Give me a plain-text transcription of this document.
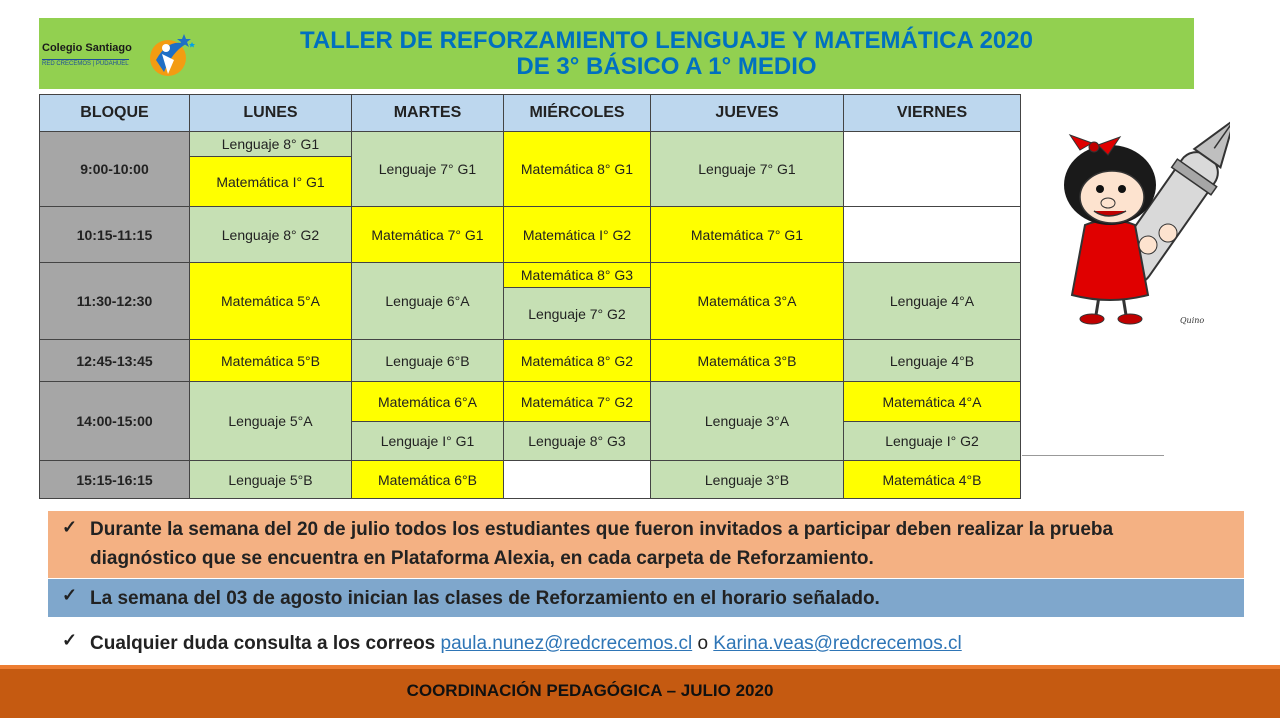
Colegio Santiago
RED CRECEMOS | PUDAHUEL
TALLER DE REFORZAMIENTO LENGUAJE Y MATEMÁTICA 2020
DE 3° BÁSICO A 1° MEDIO
BLOQUE	LUNES	MARTES	MIÉRCOLES	JUEVES	VIERNES
9:00-10:00	Lenguaje 8° G1	Lenguaje 7° G1	Matemática 8° G1	Lenguaje 7° G1	
	Matemática I° G1				
10:15-11:15	Lenguaje 8° G2	Matemática 7° G1	Matemática I° G2	Matemática 7° G1	
11:30-12:30	Matemática 5°A	Lenguaje 6°A	Matemática 8° G3	Matemática 3°A	Lenguaje 4°A
			Lenguaje 7° G2		
12:45-13:45	Matemática 5°B	Lenguaje 6°B	Matemática 8° G2	Matemática 3°B	Lenguaje 4°B
14:00-15:00	Lenguaje 5°A	Matemática 6°A	Matemática 7° G2	Lenguaje 3°A	Matemática 4°A
		Lenguaje I° G1	Lenguaje 8° G3		Lenguaje I° G2
15:15-16:15	Lenguaje 5°B	Matemática 6°B		Lenguaje 3°B	Matemática 4°B
Quino
✓ Durante la semana del 20 de julio todos los estudiantes que fueron invitados a participar deben realizar la prueba diagnóstico que se encuentra en Plataforma Alexia, en cada carpeta de Reforzamiento.
✓ La semana del 03 de agosto inician las clases de Reforzamiento en el horario señalado.
✓ Cualquier duda consulta a los correos paula.nunez@redcrecemos.cl o Karina.veas@redcrecemos.cl
COORDINACIÓN PEDAGÓGICA – JULIO 2020
